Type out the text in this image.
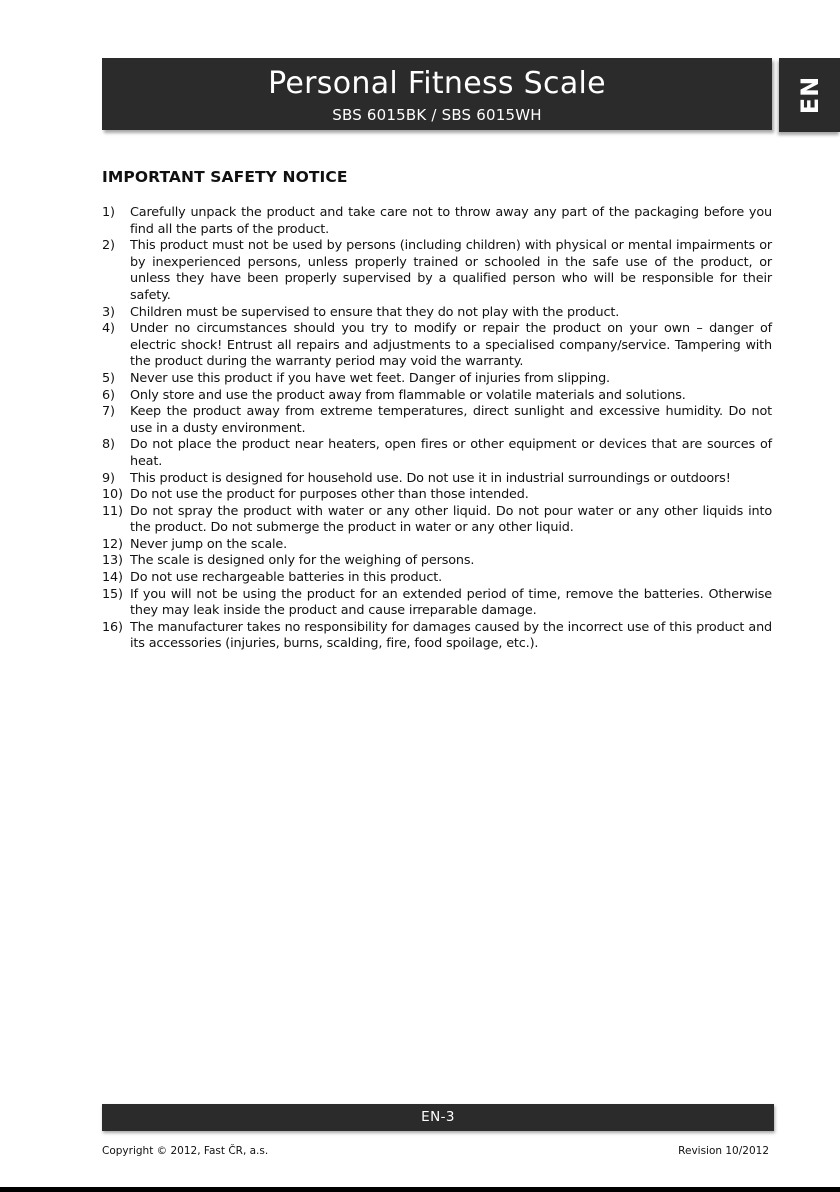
Personal Fitness Scale
SBS 6015BK / SBS 6015WH
EN
IMPORTANT SAFETY NOTICE
1) Carefully unpack the product and take care not to throw away any part of the packaging before you find all the parts of the product.
2) This product must not be used by persons (including children) with physical or mental impairments or by inexperienced persons, unless properly trained or schooled in the safe use of the product, or unless they have been properly supervised by a qualified person who will be responsible for their safety.
3) Children must be supervised to ensure that they do not play with the product.
4) Under no circumstances should you try to modify or repair the product on your own – danger of electric shock! Entrust all repairs and adjustments to a specialised company/service. Tampering with the product during the warranty period may void the warranty.
5) Never use this product if you have wet feet. Danger of injuries from slipping.
6) Only store and use the product away from flammable or volatile materials and solutions.
7) Keep the product away from extreme temperatures, direct sunlight and excessive humidity. Do not use in a dusty environment.
8) Do not place the product near heaters, open fires or other equipment or devices that are sources of heat.
9) This product is designed for household use. Do not use it in industrial surroundings or outdoors!
10) Do not use the product for purposes other than those intended.
11) Do not spray the product with water or any other liquid. Do not pour water or any other liquids into the product. Do not submerge the product in water or any other liquid.
12) Never jump on the scale.
13) The scale is designed only for the weighing of persons.
14) Do not use rechargeable batteries in this product.
15) If you will not be using the product for an extended period of time, remove the batteries. Otherwise they may leak inside the product and cause irreparable damage.
16) The manufacturer takes no responsibility for damages caused by the incorrect use of this product and its accessories (injuries, burns, scalding, fire, food spoilage, etc.).
EN-3
Copyright © 2012, Fast ČR, a.s.	Revision 10/2012
